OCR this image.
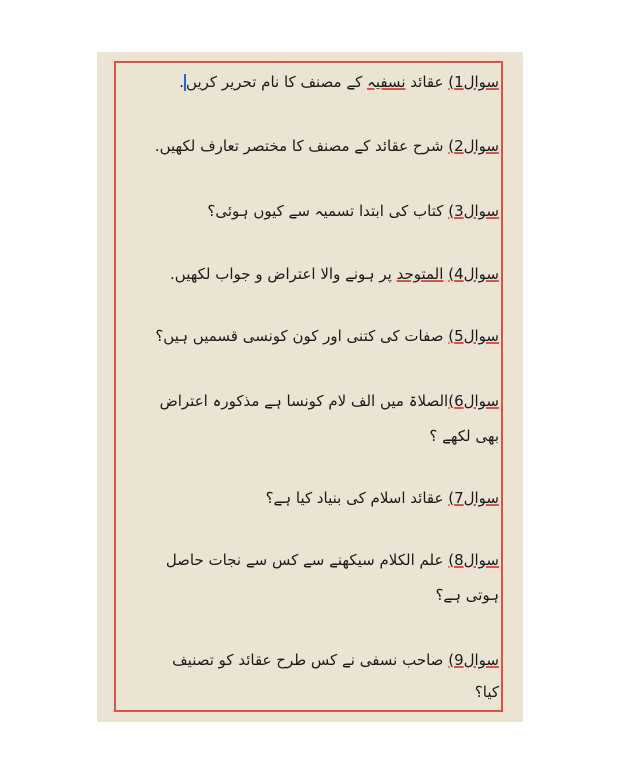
سوال1) عقائد نسفیہ کے مصنف کا نام تحریر کریں.
سوال2) شرح عقائد کے مصنف کا مختصر تعارف لکھیں.
سوال3) کتاب کی ابتدا تسمیہ سے کیوں ہوئی؟
سوال4) المتوحد پر ہونے والا اعتراض و جواب لکھیں.
سوال5) صفات کی کتنی اور کون کونسی قسمیں ہیں؟
سوال6)الصلاۃ میں الف لام کونسا ہے مذکورہ اعتراض
بھی لکھے ؟
سوال7) عقائد اسلام کی بنیاد کیا ہے؟
سوال8) علم الکلام سیکھنے سے کس سے نجات حاصل
ہوتی ہے؟
سوال9) صاحب نسفی نے کس طرح عقائد کو تصنیف
کیا؟
